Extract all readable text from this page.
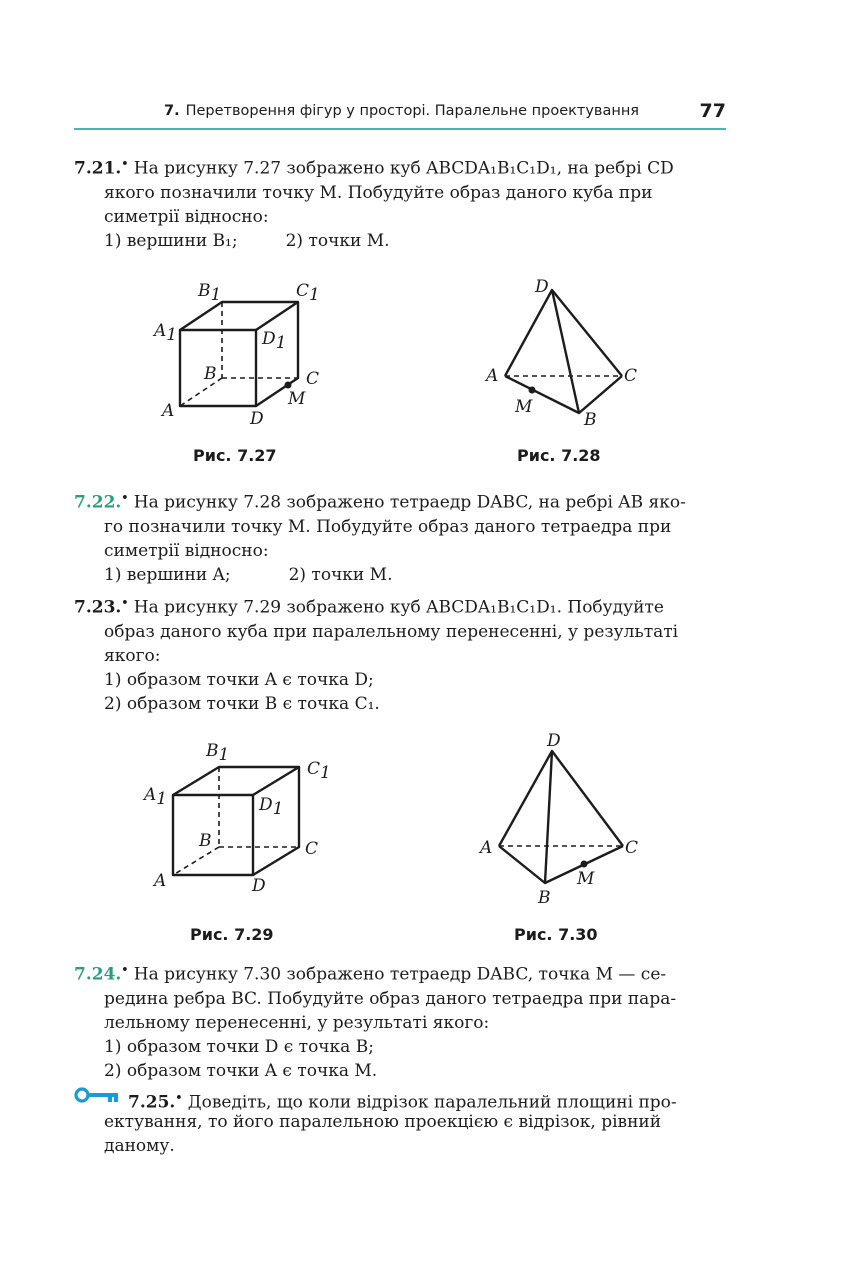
7. Перетворення фігур у просторі. Паралельне проектування	77

7.21.• На рисунку 7.27 зображено куб ABCDA₁B₁C₁D₁, на ребрі CD

якого позначили точку M. Побудуйте образ даного куба при

симетрії відносно:

1) вершини B₁;	2) точки M.

B1	C1
A1	D1
B	C
A	D
M
Рис. 7.27
D
A	C
M
B
Рис. 7.28

7.22.• На рисунку 7.28 зображено тетраедр DABC, на ребрі AB яко-

го позначили точку M. Побудуйте образ даного тетраедра при

симетрії відносно:

1) вершини A;	2) точки M.

7.23.• На рисунку 7.29 зображено куб ABCDA₁B₁C₁D₁. Побудуйте

образ даного куба при паралельному перенесенні, у результаті

якого:

1) образом точки A є точка D;

2) образом точки B є точка C₁.

B1
C1
A1	D1
B	C
A	D
Рис. 7.29
D
A	C
M
B
Рис. 7.30

7.24.• На рисунку 7.30 зображено тетраедр DABC, точка M — се-

редина ребра BC. Побудуйте образ даного тетраедра при пара-

лельному перенесенні, у результаті якого:

1) образом точки D є точка B;

2) образом точки A є точка M.

7.25.• Доведіть, що коли відрізок паралельний площині про-

ектування, то його паралельною проекцією є відрізок, рівний

даному.
